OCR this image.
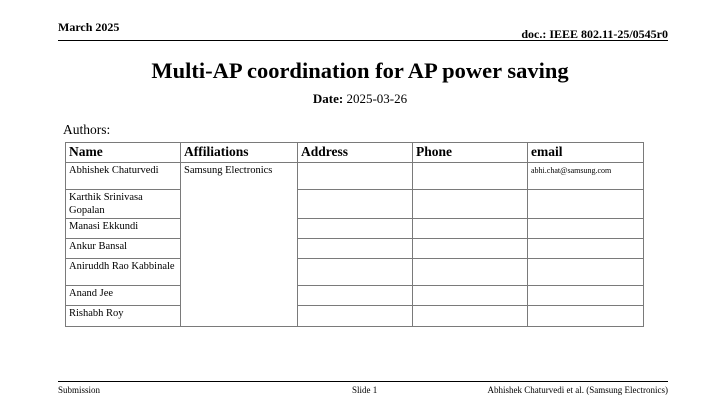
March 2025	doc.: IEEE 802.11-25/0545r0
Multi-AP coordination for AP power saving
Date: 2025-03-26
Authors:
Name	Affiliations	Address	Phone	email
Abhishek Chaturvedi	Samsung Electronics			abhi.chat@samsung.com
Karthik Srinivasa Gopalan				
Manasi Ekkundi				
Ankur Bansal				
Aniruddh Rao Kabbinale				
Anand Jee				
Rishabh Roy				
Submission	Slide 1	Abhishek Chaturvedi et al. (Samsung Electronics)
